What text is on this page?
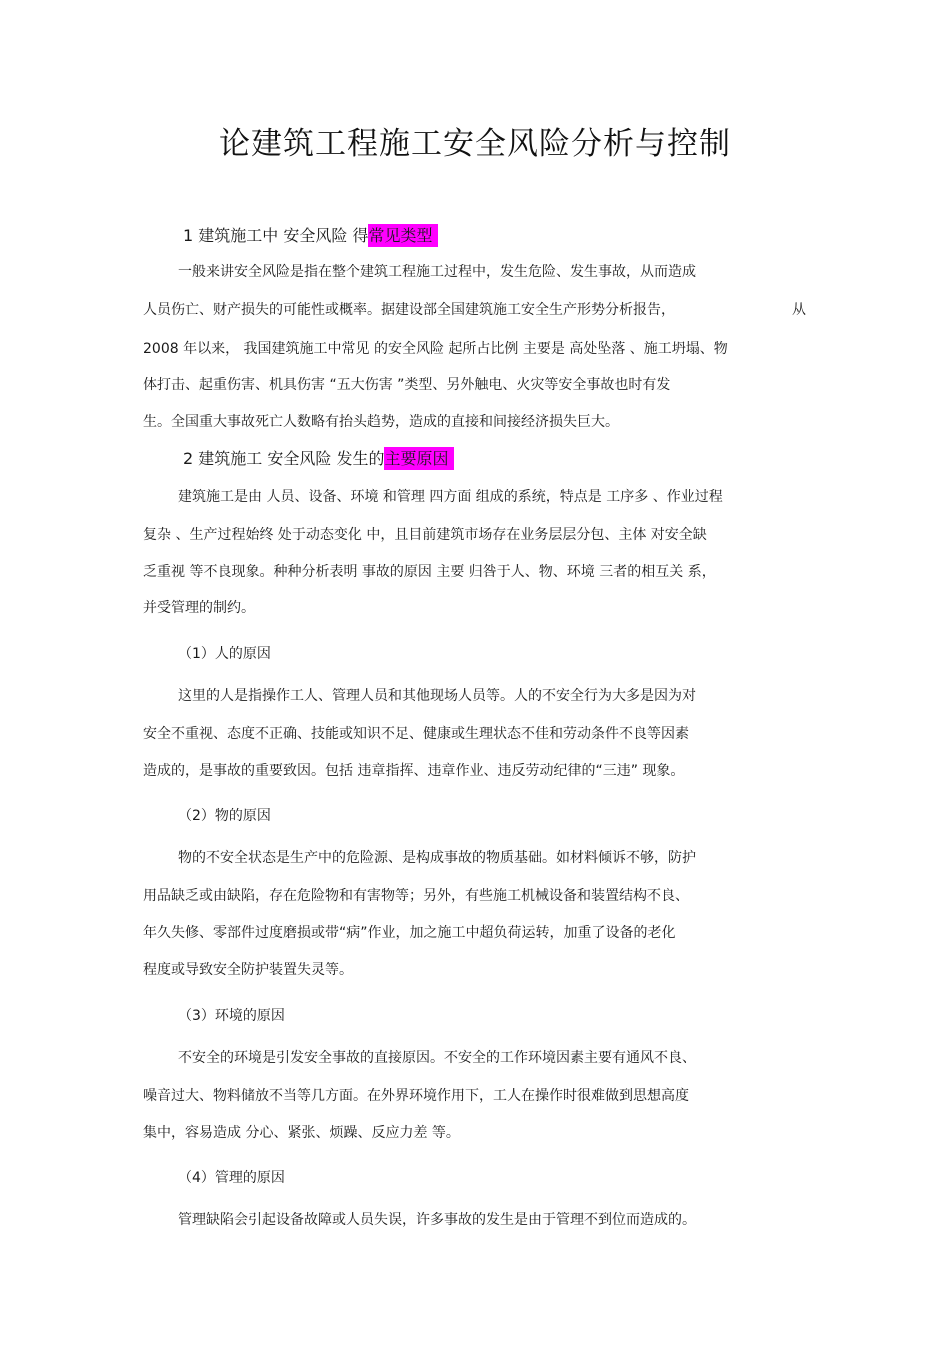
论建筑工程施工安全风险分析与控制
1 建筑施工中 安全风险 得常见类型
一般来讲安全风险是指在整个建筑工程施工过程中，发生危险、发生事故，从而造成
人员伤亡、财产损失的可能性或概率。据建设部全国建筑施工安全生产形势分析报告，	从
2008 年以来， 我国建筑施工中常见 的安全风险 起所占比例 主要是 高处坠落 、施工坍塌、物
体打击、起重伤害、机具伤害 “五大伤害 ”类型、另外触电、火灾等安全事故也时有发
生。全国重大事故死亡人数略有抬头趋势，造成的直接和间接经济损失巨大。
2 建筑施工 安全风险 发生的主要原因
建筑施工是由 人员、设备、环境 和管理 四方面 组成的系统，特点是 工序多 、作业过程
复杂 、生产过程始终 处于动态变化 中，且目前建筑市场存在业务层层分包、主体 对安全缺
乏重视 等不良现象。种种分析表明 事故的原因 主要 归咎于人、物、环境 三者的相互关 系，
并受管理的制约。
（1）人的原因
这里的人是指操作工人、管理人员和其他现场人员等。人的不安全行为大多是因为对
安全不重视、态度不正确、技能或知识不足、健康或生理状态不佳和劳动条件不良等因素
造成的，是事故的重要致因。包括 违章指挥、违章作业、违反劳动纪律的“三违” 现象。
（2）物的原因
物的不安全状态是生产中的危险源、是构成事故的物质基础。如材料倾诉不够，防护
用品缺乏或由缺陷，存在危险物和有害物等；另外，有些施工机械设备和装置结构不良、
年久失修、零部件过度磨损或带“病”作业，加之施工中超负荷运转，加重了设备的老化
程度或导致安全防护装置失灵等。
（3）环境的原因
不安全的环境是引发安全事故的直接原因。不安全的工作环境因素主要有通风不良、
噪音过大、物料储放不当等几方面。在外界环境作用下，工人在操作时很难做到思想高度
集中，容易造成 分心、紧张、烦躁、反应力差 等。
（4）管理的原因
管理缺陷会引起设备故障或人员失误，许多事故的发生是由于管理不到位而造成的。
